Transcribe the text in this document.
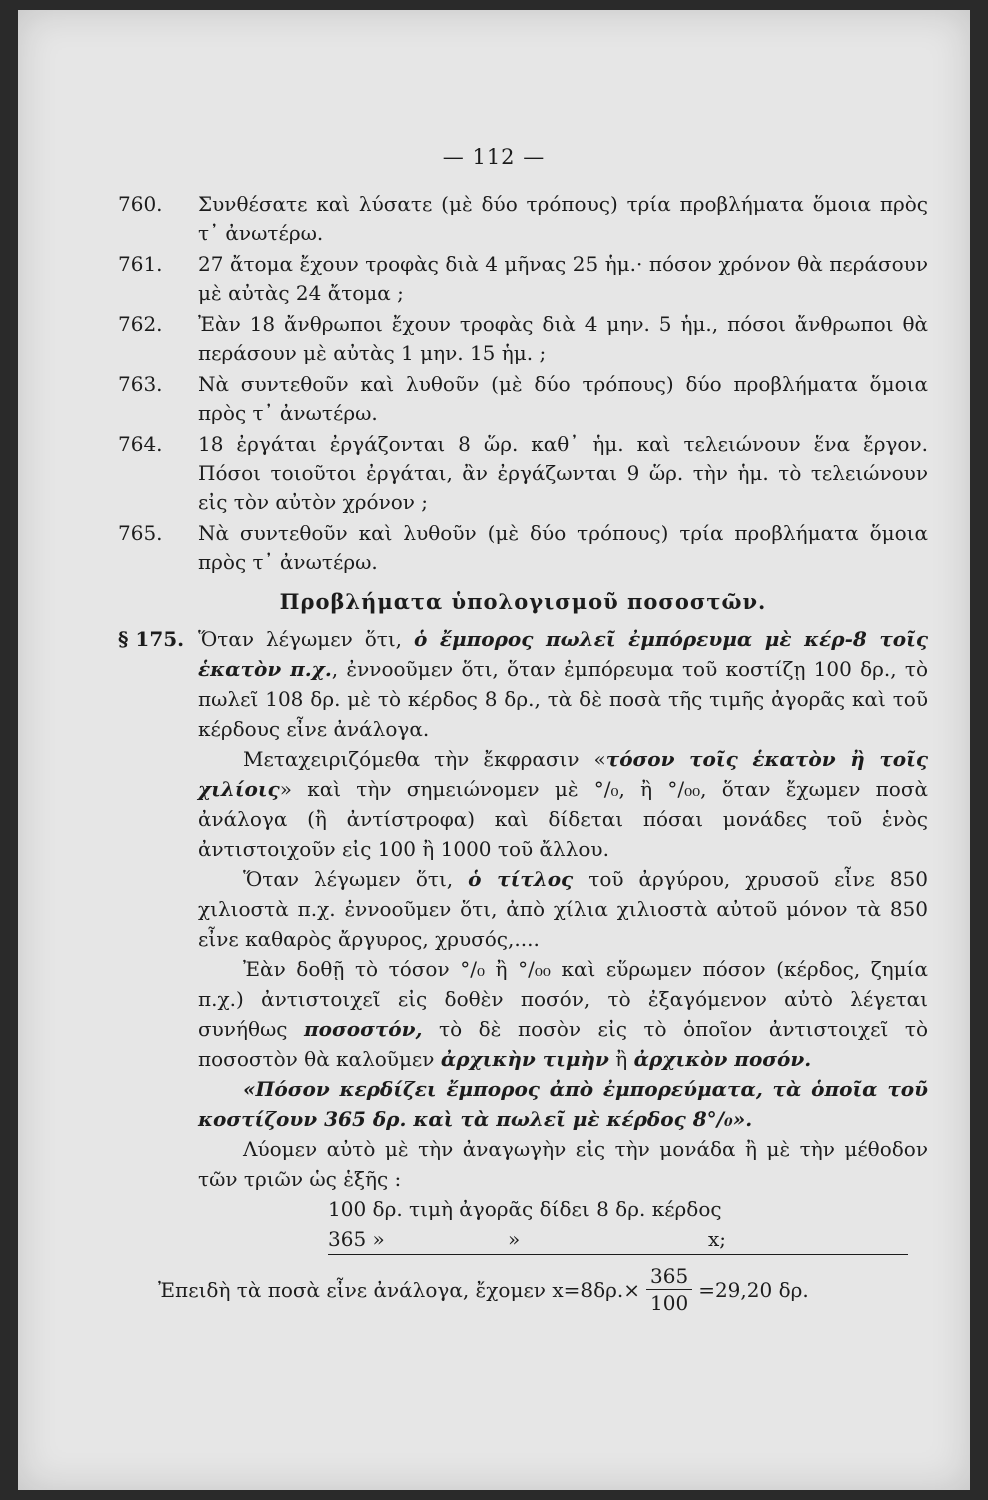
— 112 —
760. Συνθέσατε καὶ λύσατε (μὲ δύο τρόπους) τρία προβλήματα ὅμοια πρὸς τ᾽ ἀνωτέρω.
761. 27 ἄτομα ἔχουν τροφὰς διὰ 4 μῆνας 25 ἡμ.· πόσον χρόνον θὰ περάσουν μὲ αὐτὰς 24 ἄτομα ;
762. Ἐὰν 18 ἄνθρωποι ἔχουν τροφὰς διὰ 4 μην. 5 ἡμ., πόσοι ἄνθρωποι θὰ περάσουν μὲ αὐτὰς 1 μην. 15 ἡμ. ;
763. Νὰ συντεθοῦν καὶ λυθοῦν (μὲ δύο τρόπους) δύο προβλήματα ὅμοια πρὸς τ᾽ ἀνωτέρω.
764. 18 ἐργάται ἐργάζονται 8 ὥρ. καθ᾽ ἡμ. καὶ τελειώνουν ἕνα ἔργον. Πόσοι τοιοῦτοι ἐργάται, ἂν ἐργάζωνται 9 ὥρ. τὴν ἡμ. τὸ τελειώνουν εἰς τὸν αὐτὸν χρόνον ;
765. Νὰ συντεθοῦν καὶ λυθοῦν (μὲ δύο τρόπους) τρία προβλήματα ὅμοια πρὸς τ᾽ ἀνωτέρω.
Προβλήματα ὑπολογισμοῦ ποσοστῶν.
§ 175. Ὅταν λέγωμεν ὅτι, ὁ ἔμπορος πωλεῖ ἐμπόρευμα μὲ κέρ-8 τοῖς ἑκατὸν π.χ., ἐννοοῦμεν ὅτι, ὅταν ἐμπόρευμα τοῦ κοστίζῃ 100 δρ., τὸ πωλεῖ 108 δρ. μὲ τὸ κέρδος 8 δρ., τὰ δὲ ποσὰ τῆς τιμῆς ἀγορᾶς καὶ τοῦ κέρδους εἶνε ἀνάλογα.
Μεταχειριζόμεθα τὴν ἔκφρασιν «τόσον τοῖς ἑκατὸν ἢ τοῖς χιλίοις» καὶ τὴν σημειώνομεν μὲ °/₀, ἢ °/₀₀, ὅταν ἔχωμεν ποσὰ ἀνάλογα (ἢ ἀντίστροφα) καὶ δίδεται πόσαι μονάδες τοῦ ἑνὸς ἀντιστοιχοῦν εἰς 100 ἢ 1000 τοῦ ἄλλου.
Ὅταν λέγωμεν ὅτι, ὁ τίτλος τοῦ ἀργύρου, χρυσοῦ εἶνε 850 χιλιοστὰ π.χ. ἐννοοῦμεν ὅτι, ἀπὸ χίλια χιλιοστὰ αὐτοῦ μόνον τὰ 850 εἶνε καθαρὸς ἄργυρος, χρυσός,....
Ἐὰν δοθῇ τὸ τόσον °/₀ ἢ °/₀₀ καὶ εὕρωμεν πόσον (κέρδος, ζημία π.χ.) ἀντιστοιχεῖ εἰς δοθὲν ποσόν, τὸ ἐξαγόμενον αὐτὸ λέγεται συνήθως ποσοστόν, τὸ δὲ ποσὸν εἰς τὸ ὁποῖον ἀντιστοιχεῖ τὸ ποσοστὸν θὰ καλοῦμεν ἀρχικὴν τιμὴν ἢ ἀρχικὸν ποσόν.
«Πόσον κερδίζει ἔμπορος ἀπὸ ἐμπορεύματα, τὰ ὁποῖα τοῦ κοστίζουν 365 δρ. καὶ τὰ πωλεῖ μὲ κέρδος 8°/₀».
Λύομεν αὐτὸ μὲ τὴν ἀναγωγὴν εἰς τὴν μονάδα ἢ μὲ τὴν μέθοδον τῶν τριῶν ὡς ἑξῆς :
100 δρ. τιμὴ ἀγορᾶς δίδει 8 δρ. κέρδος
365 »	»	x;
Ἐπειδὴ τὰ ποσὰ εἶνε ἀνάλογα, ἔχομεν $x=8\delta\rho.\times \frac{365}{100} =29,20$ δρ.
